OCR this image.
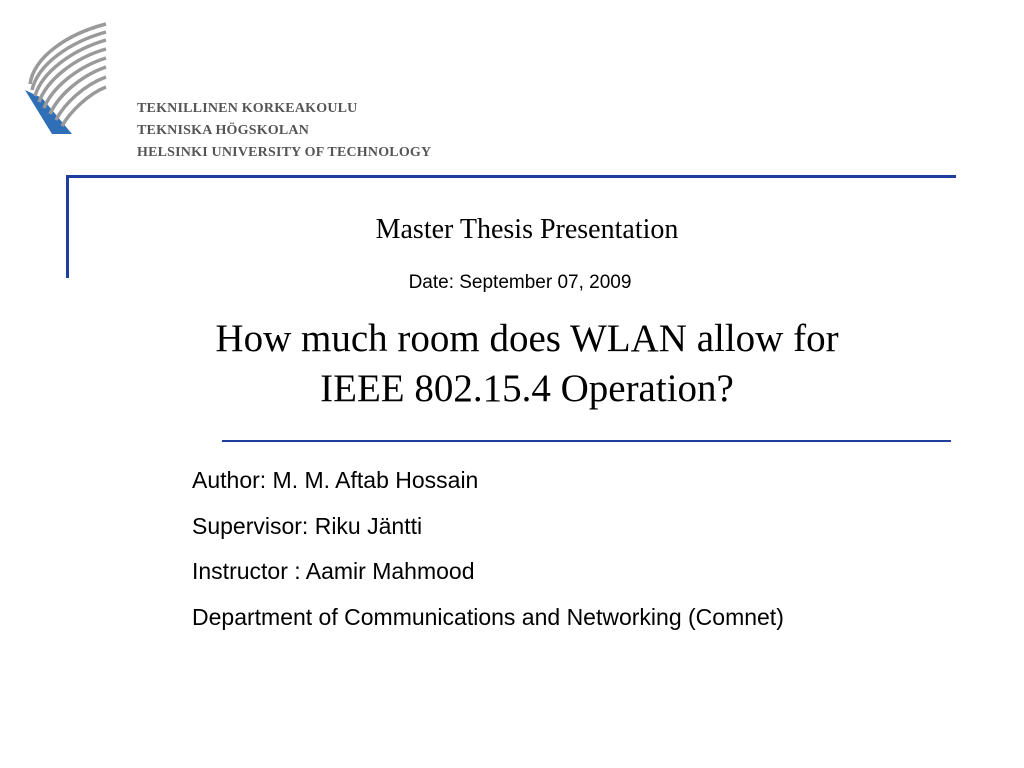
TEKNILLINEN KORKEAKOULU
TEKNISKA HÖGSKOLAN
HELSINKI UNIVERSITY OF TECHNOLOGY
Master Thesis Presentation
Date: September 07, 2009
How much room does WLAN allow for
IEEE 802.15.4 Operation?
Author: M. M. Aftab Hossain
Supervisor: Riku Jäntti
Instructor : Aamir Mahmood
Department of Communications and Networking (Comnet)
